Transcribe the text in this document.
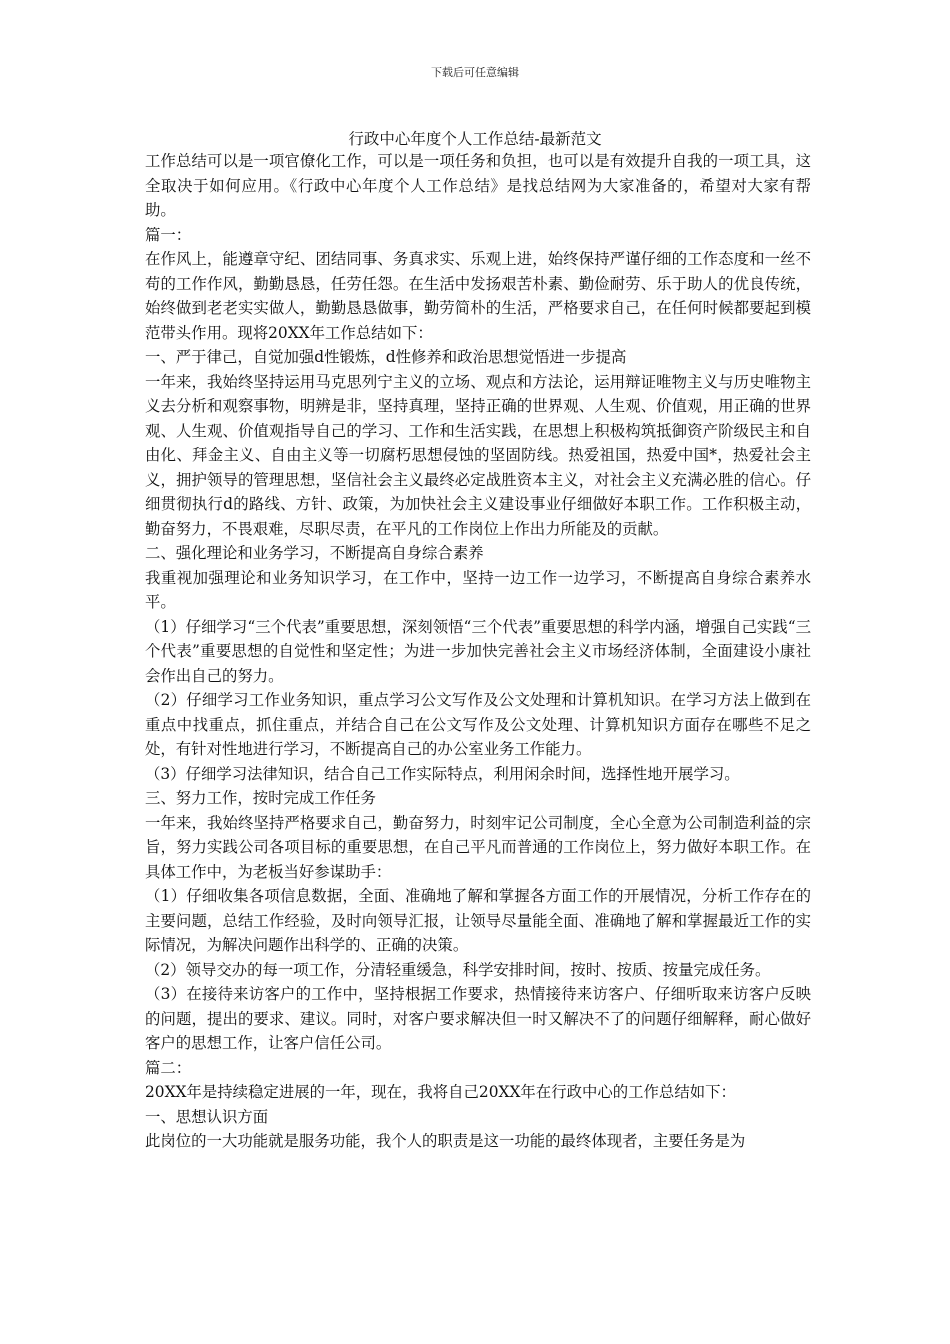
下载后可任意编辑
行政中心年度个人工作总结-最新范文

工作总结可以是一项官僚化工作，可以是一项任务和负担，也可以是有效提升自我的一项工具，这全取决于如何应用。《行政中心年度个人工作总结》是找总结网为大家准备的，希望对大家有帮助。

篇一：

在作风上，能遵章守纪、团结同事、务真求实、乐观上进，始终保持严谨仔细的工作态度和一丝不苟的工作作风，勤勤恳恳，任劳任怨。在生活中发扬艰苦朴素、勤俭耐劳、乐于助人的优良传统，始终做到老老实实做人，勤勤恳恳做事，勤劳简朴的生活，严格要求自己，在任何时候都要起到模范带头作用。现将20XX年工作总结如下：

一、严于律己，自觉加强d性锻炼，d性修养和政治思想觉悟进一步提高

一年来，我始终坚持运用马克思列宁主义的立场、观点和方法论，运用辩证唯物主义与历史唯物主义去分析和观察事物，明辨是非，坚持真理，坚持正确的世界观、人生观、价值观，用正确的世界观、人生观、价值观指导自己的学习、工作和生活实践，在思想上积极构筑抵御资产阶级民主和自由化、拜金主义、自由主义等一切腐朽思想侵蚀的坚固防线。热爱祖国，热爱中国*，热爱社会主义，拥护领导的管理思想，坚信社会主义最终必定战胜资本主义，对社会主义充满必胜的信心。仔细贯彻执行d的路线、方针、政策，为加快社会主义建设事业仔细做好本职工作。工作积极主动，勤奋努力，不畏艰难，尽职尽责，在平凡的工作岗位上作出力所能及的贡献。

二、强化理论和业务学习，不断提高自身综合素养

我重视加强理论和业务知识学习，在工作中，坚持一边工作一边学习，不断提高自身综合素养水平。

（1）仔细学习“三个代表”重要思想，深刻领悟“三个代表”重要思想的科学内涵，增强自己实践“三个代表”重要思想的自觉性和坚定性；为进一步加快完善社会主义市场经济体制，全面建设小康社会作出自己的努力。

（2）仔细学习工作业务知识，重点学习公文写作及公文处理和计算机知识。在学习方法上做到在重点中找重点，抓住重点，并结合自己在公文写作及公文处理、计算机知识方面存在哪些不足之处，有针对性地进行学习，不断提高自己的办公室业务工作能力。

（3）仔细学习法律知识，结合自己工作实际特点，利用闲余时间，选择性地开展学习。

三、努力工作，按时完成工作任务

一年来，我始终坚持严格要求自己，勤奋努力，时刻牢记公司制度，全心全意为公司制造利益的宗旨，努力实践公司各项目标的重要思想，在自己平凡而普通的工作岗位上，努力做好本职工作。在具体工作中，为老板当好参谋助手：

（1）仔细收集各项信息数据，全面、准确地了解和掌握各方面工作的开展情况，分析工作存在的主要问题，总结工作经验，及时向领导汇报，让领导尽量能全面、准确地了解和掌握最近工作的实际情况，为解决问题作出科学的、正确的决策。

（2）领导交办的每一项工作，分清轻重缓急，科学安排时间，按时、按质、按量完成任务。

（3）在接待来访客户的工作中，坚持根据工作要求，热情接待来访客户、仔细听取来访客户反映的问题，提出的要求、建议。同时，对客户要求解决但一时又解决不了的问题仔细解释，耐心做好客户的思想工作，让客户信任公司。

篇二：

20XX年是持续稳定进展的一年，现在，我将自己20XX年在行政中心的工作总结如下：

一、思想认识方面

此岗位的一大功能就是服务功能，我个人的职责是这一功能的最终体现者，主要任务是为
